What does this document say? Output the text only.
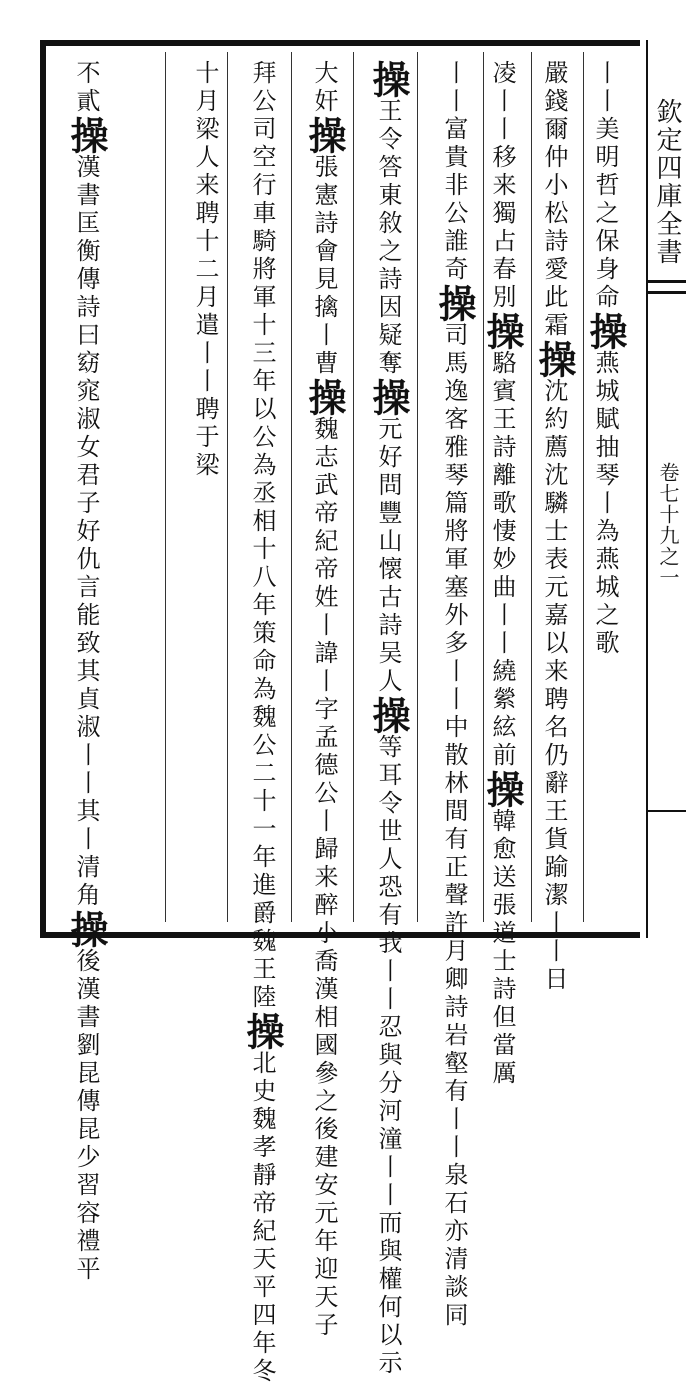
欽定四庫全書
卷七十九之一
丨丨美明哲之保身命操燕城賦抽琴丨為燕城之歌
嚴錢爾仲小松詩愛此霜操沈約薦沈驎士表元嘉以来聘名仍辭王貨踰潔丨丨日
凌丨丨移来獨占春別操駱賓王詩離歌悽妙曲丨丨繞縈絃前操韓愈送張道士詩但當厲
丨丨富貴非公誰奇操司馬逸客雅琴篇將軍塞外多丨丨中散林間有正聲許月卿詩岩壑有丨丨泉石亦清談同
操王令答東敘之詩因疑奪操元好問豐山懐古詩吴人操等耳令世人恐有我丨丨忍與分河潼丨丨而與權何以示
大奸操張憲詩會見擒丨曹操魏志武帝紀帝姓丨諱丨字孟德公丨歸来醉小喬漢相國參之後建安元年迎天子
拜公司空行車騎將軍十三年以公為丞相十八年策命為魏公二十一年進爵魏王陸操北史魏孝靜帝紀天平四年冬
十月梁人来聘十二月遣丨丨聘于梁
不貳操漢書匡衡傳詩曰窈窕淑女君子好仇言能致其貞淑丨丨其丨清角操後漢書劉昆傳昆少習容禮平
